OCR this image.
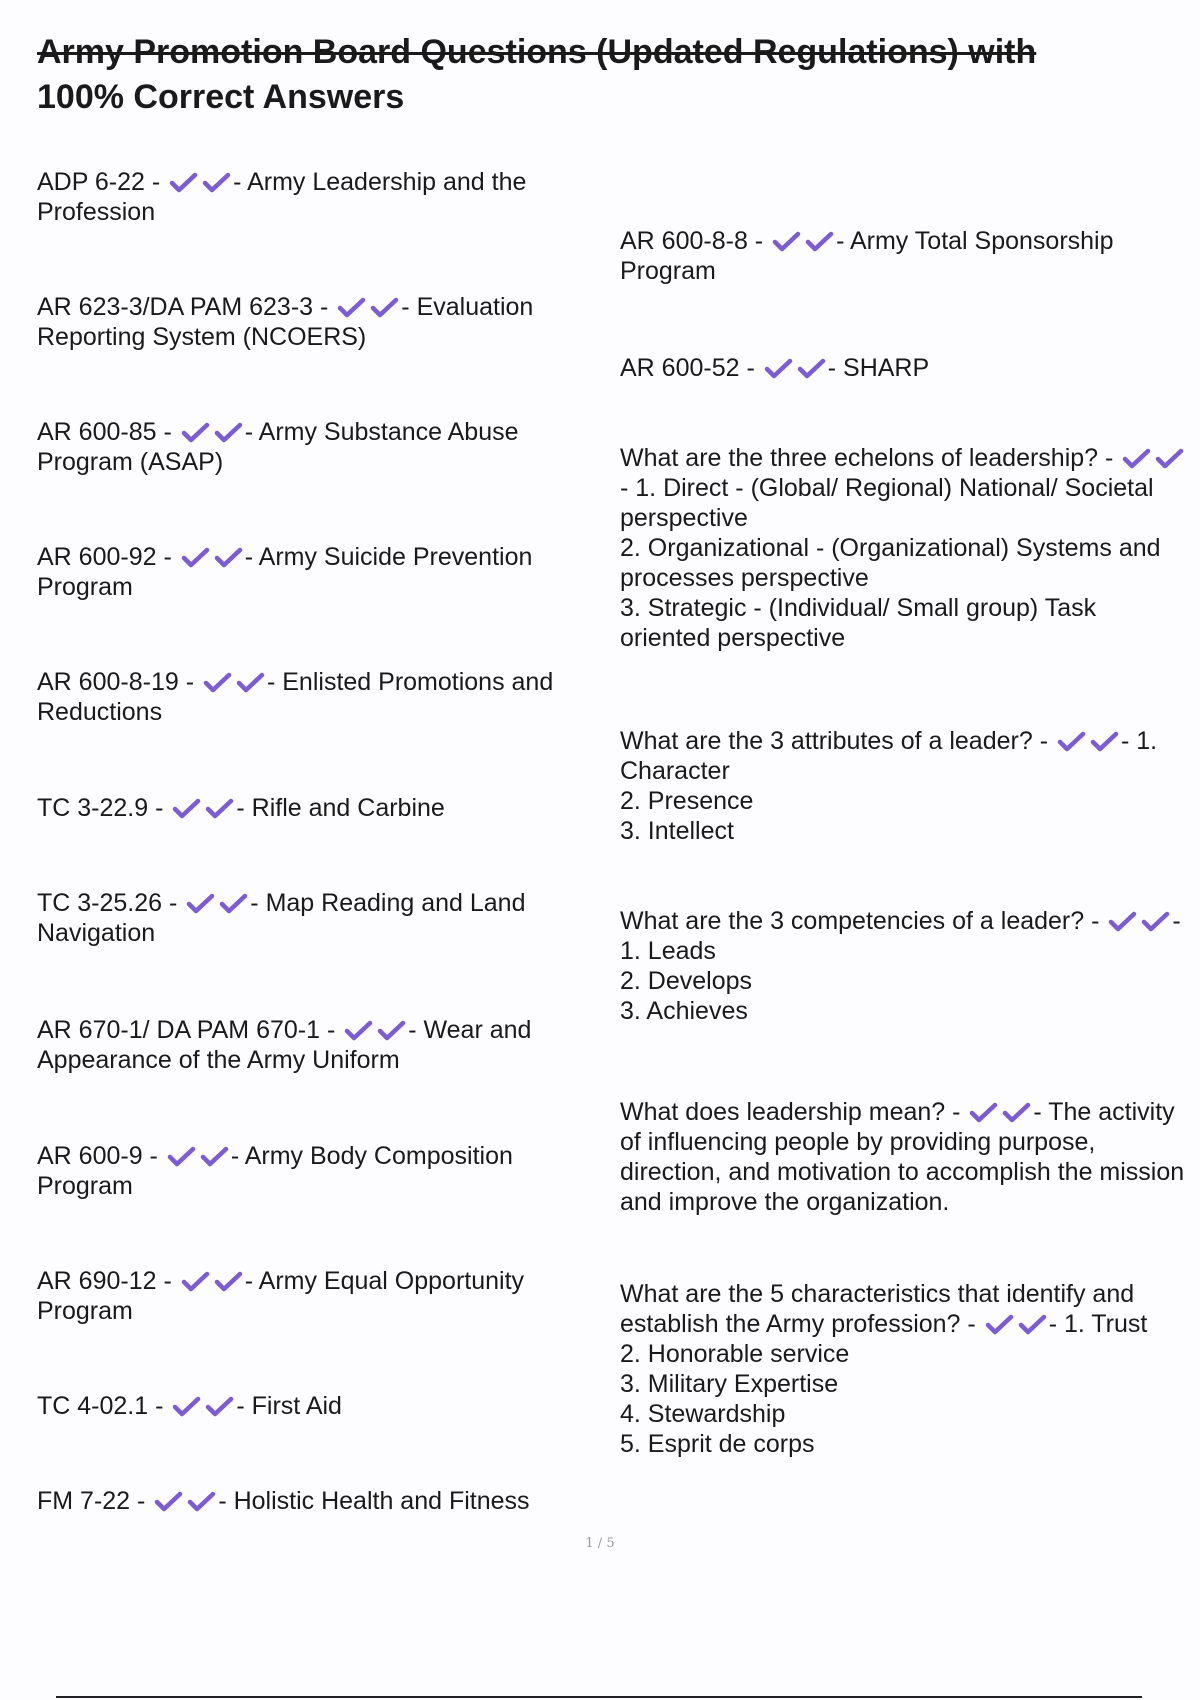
Army Promotion Board Questions (Updated Regulations) with
100% Correct Answers

ADP 6-22 -	- Army Leadership and the Profession

AR 623-3/DA PAM 623-3 -	- Evaluation Reporting System (NCOERS)

AR 600-85 -	- Army Substance Abuse Program (ASAP)

AR 600-92 -	- Army Suicide Prevention Program

AR 600-8-19 -	- Enlisted Promotions and Reductions

TC 3-22.9 -	- Rifle and Carbine

TC 3-25.26 -	- Map Reading and Land Navigation

AR 670-1/ DA PAM 670-1 -	- Wear and Appearance of the Army Uniform

AR 600-9 -	- Army Body Composition Program

AR 690-12 -	- Army Equal Opportunity Program

TC 4-02.1 -	- First Aid

FM 7-22 -	- Holistic Health and Fitness

AR 600-8-8 -	- Army Total Sponsorship Program
AR 600-52 -	- SHARP
What are the three echelons of leadership? -
- 1. Direct - (Global/ Regional) National/ Societal perspective
2. Organizational - (Organizational) Systems and processes perspective
3. Strategic - (Individual/ Small group) Task oriented perspective
What are the 3 attributes of a leader? -	- 1. Character
2. Presence
3. Intellect
What are the 3 competencies of a leader? -	- 1. Leads
2. Develops
3. Achieves
What does leadership mean? -	- The activity of influencing people by providing purpose, direction, and motivation to accomplish the mission and improve the organization.
What are the 5 characteristics that identify and establish the Army profession? -	- 1. Trust
2. Honorable service
3. Military Expertise
4. Stewardship
5. Esprit de corps
1 / 5
